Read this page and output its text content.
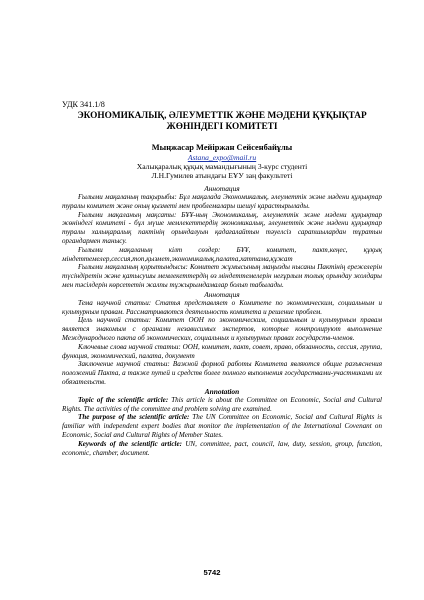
УДК 341.1/8
ЭКОНОМИКАЛЫҚ, ӘЛЕУМЕТТІК ЖӘНЕ МӘДЕНИ ҚҰҚЫҚТАР
ЖӨНІНДЕГІ КОМИТЕТІ
Мыңжасар Мейіржан Сейсенбайұлы
Astana_expo@mail.ru
Халықаралық құқық мамандығының 3-курс студенті
Л.Н.Гумилев атындағы ЕҰУ заң факультеті
Аннотация

Ғылыми мақаланың тақырыбы: Бұл мақалада Экономикалық, әлеуметтік және мәдени құқықтар туралы комитет және оның қызметі мен проблемалары шешуі қарастырылады.

Ғылыми мақаланың мақсаты: БҰҰ-ның Экономикалық, әлеуметтік және мәдени құқықтар жөніндегі комитеті - бұл мүше мемлекеттердің экономикалық, әлеуметтік және мәдени құқықтар туралы халықаралық пактінің орындалуын қадағалайтын тәуелсіз сарапшылардан тұратын органдармен танысу.

Ғылыми мақаланың кілт сөздер: БҰҰ, комитет, пакт,кеңес, құқық міндеттемелер,сессия,топ,қызмет,экономикалық,палата,хаттама,құжат

Ғылыми мақаланың қорытындысы: Комитет жұмысының маңызды нысаны Пактінің ережелерін түсіндіретін және қатысушы мемлекеттердің өз міндеттемелерін неғұрлым толық орындау жолдары мен тәсілдерін көрсететін жалпы тұжырымдамалар болып табылады.

Аннотация

Тема научной статьи: Статья представляет о Комитете по экономическим, социальным и культурным правам. Рассматриваются деятельность комитета и решение проблем.

Цель научной статьи: Комитет ООН по экономическим, социальным и культурным правам является знакомым с органами независимых экспертов, которые контролируют выполнение Международного пакта об экономических, социальных и культурных правах государств-членов.

Ключевые слова научной статьи: ООН, комитет, пакт, совет, право, обязанность, сессия, группа, функция, экономический, палата, документ

Заключение научной статьи: Важной формой работы Комитета являются общие разъяснения положений Пакта, а также путей и средств более полного выполнения государствами-участниками их обязательств.

Annotation

Topic of the scientific article: This article is about the Committee on Economic, Social and Cultural Rights. The activities of the committee and problem solving are examined.

The purpose of the scientific article: The UN Committee on Economic, Social and Cultural Rights is familiar with independent expert bodies that monitor the implementation of the International Covenant on Economic, Social and Cultural Rights of Member States.

Keywords of the scientific article: UN, committee, pact, council, law, duty, session, group, function, economic, chamber, document.

5742
